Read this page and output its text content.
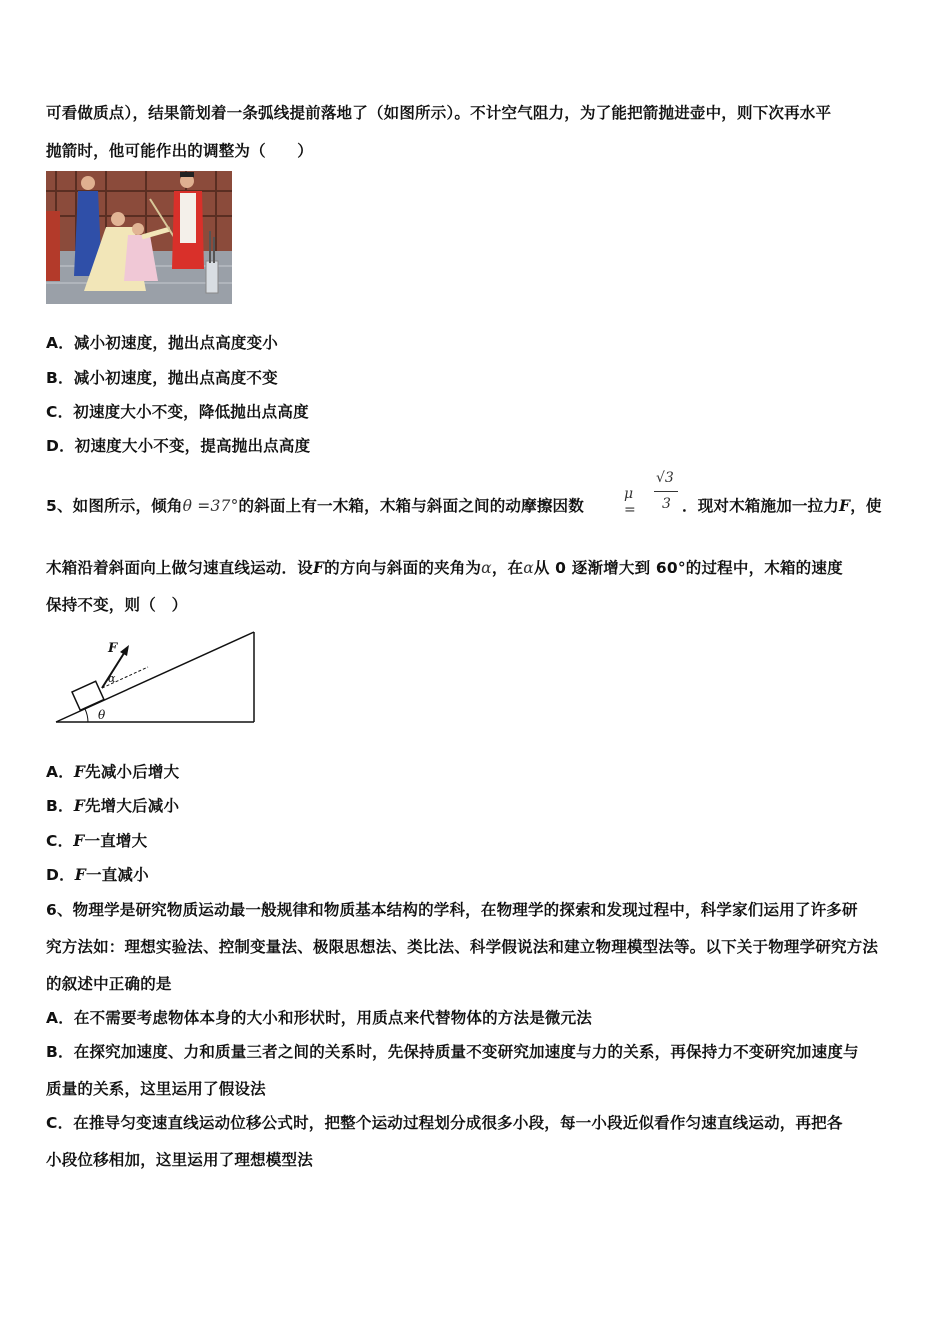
可看做质点），结果箭划着一条弧线提前落地了（如图所示）。不计空气阻力，为了能把箭抛进壶中，则下次再水平
抛箭时，他可能作出的调整为（　　）
A．减小初速度，抛出点高度变小
B．减小初速度，抛出点高度不变
C．初速度大小不变，降低抛出点高度
D．初速度大小不变，提高抛出点高度
5、如图所示，倾角θ =37°的斜面上有一木箱，木箱与斜面之间的动摩擦因数
μ =
√3
3 ．现对木箱施加一拉力F，使
木箱沿着斜面向上做匀速直线运动．设F的方向与斜面的夹角为α，在α从 0 逐渐增大到 60°的过程中，木箱的速度
保持不变，则（　）
θ
F
α
A．F先减小后增大
B．F先增大后减小
C．F一直增大
D．F一直减小
6、物理学是研究物质运动最一般规律和物质基本结构的学科，在物理学的探索和发现过程中，科学家们运用了许多研
究方法如：理想实验法、控制变量法、极限思想法、类比法、科学假说法和建立物理模型法等。以下关于物理学研究方法
的叙述中正确的是
A．在不需要考虑物体本身的大小和形状时，用质点来代替物体的方法是微元法
B．在探究加速度、力和质量三者之间的关系时，先保持质量不变研究加速度与力的关系，再保持力不变研究加速度与
质量的关系，这里运用了假设法
C．在推导匀变速直线运动位移公式时，把整个运动过程划分成很多小段，每一小段近似看作匀速直线运动，再把各
小段位移相加，这里运用了理想模型法
